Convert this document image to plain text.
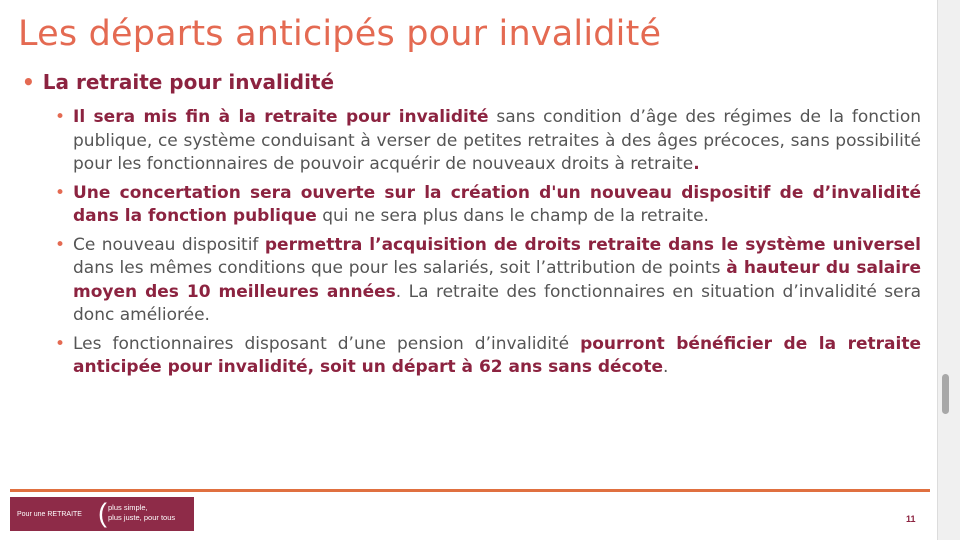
Les départs anticipés pour invalidité
• La retraite pour invalidité
• Il sera mis fin à la retraite pour invalidité sans condition d’âge des régimes de la fonction publique, ce système conduisant à verser de petites retraites à des âges précoces, sans possibilité pour les fonctionnaires de pouvoir acquérir de nouveaux droits à retraite.
• Une concertation sera ouverte sur la création d'un nouveau dispositif de d’invalidité dans la fonction publique qui ne sera plus dans le champ de la retraite.
• Ce nouveau dispositif permettra l’acquisition de droits retraite dans le système universel dans les mêmes conditions que pour les salariés, soit l’attribution de points à hauteur du salaire moyen des 10 meilleures années. La retraite des fonctionnaires en situation d’invalidité sera donc améliorée.
• Les fonctionnaires disposant d’une pension d’invalidité pourront bénéficier de la retraite anticipée pour invalidité, soit un départ à 62 ans sans décote.
Pour une RETRAITE ( plus simple,
plus juste, pour tous	11
